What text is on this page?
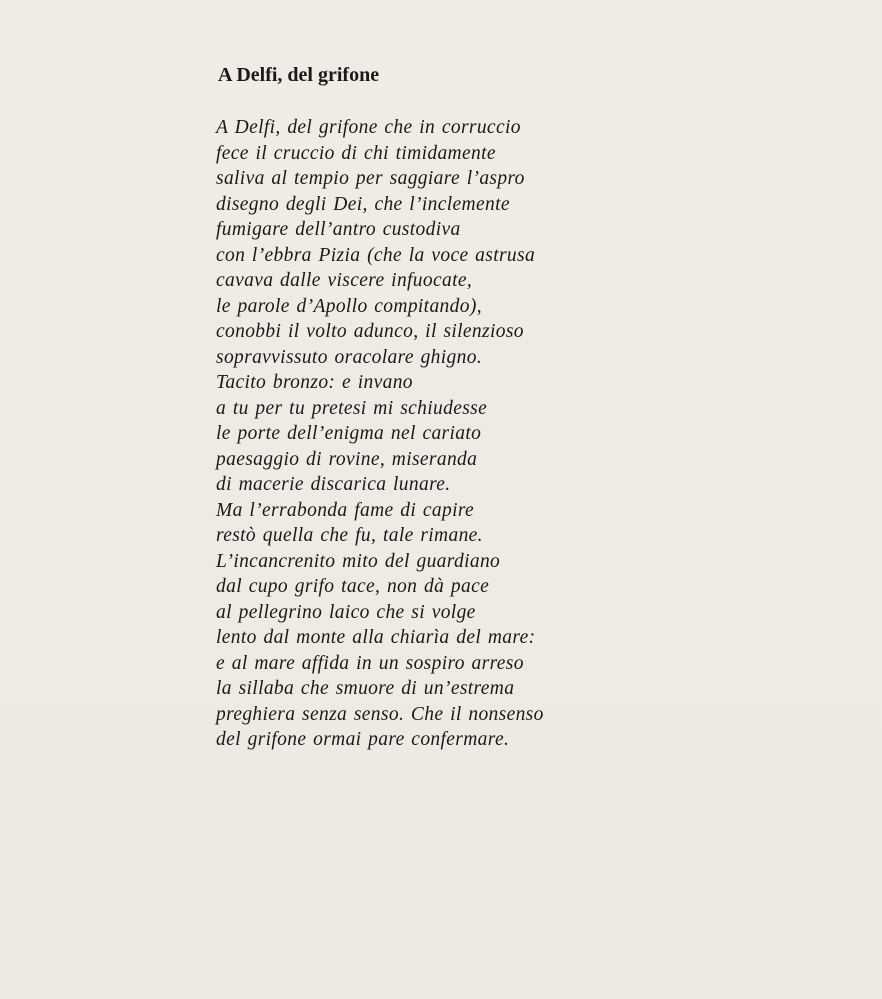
A Delfi, del grifone
A Delfi, del grifone che in corruccio
fece il cruccio di chi timidamente
saliva al tempio per saggiare l’aspro
disegno degli Dei, che l’inclemente
fumigare dell’antro custodiva
con l’ebbra Pizia (che la voce astrusa
cavava dalle viscere infuocate,
le parole d’Apollo compitando),
conobbi il volto adunco, il silenzioso
sopravvissuto oracolare ghigno.
Tacito bronzo: e invano
a tu per tu pretesi mi schiudesse
le porte dell’enigma nel cariato
paesaggio di rovine, miseranda
di macerie discarica lunare.
Ma l’errabonda fame di capire
restò quella che fu, tale rimane.
L’incancrenito mito del guardiano
dal cupo grifo tace, non dà pace
al pellegrino laico che si volge
lento dal monte alla chiarìa del mare:
e al mare affida in un sospiro arreso
la sillaba che smuore di un’estrema
preghiera senza senso. Che il nonsenso
del grifone ormai pare confermare.
